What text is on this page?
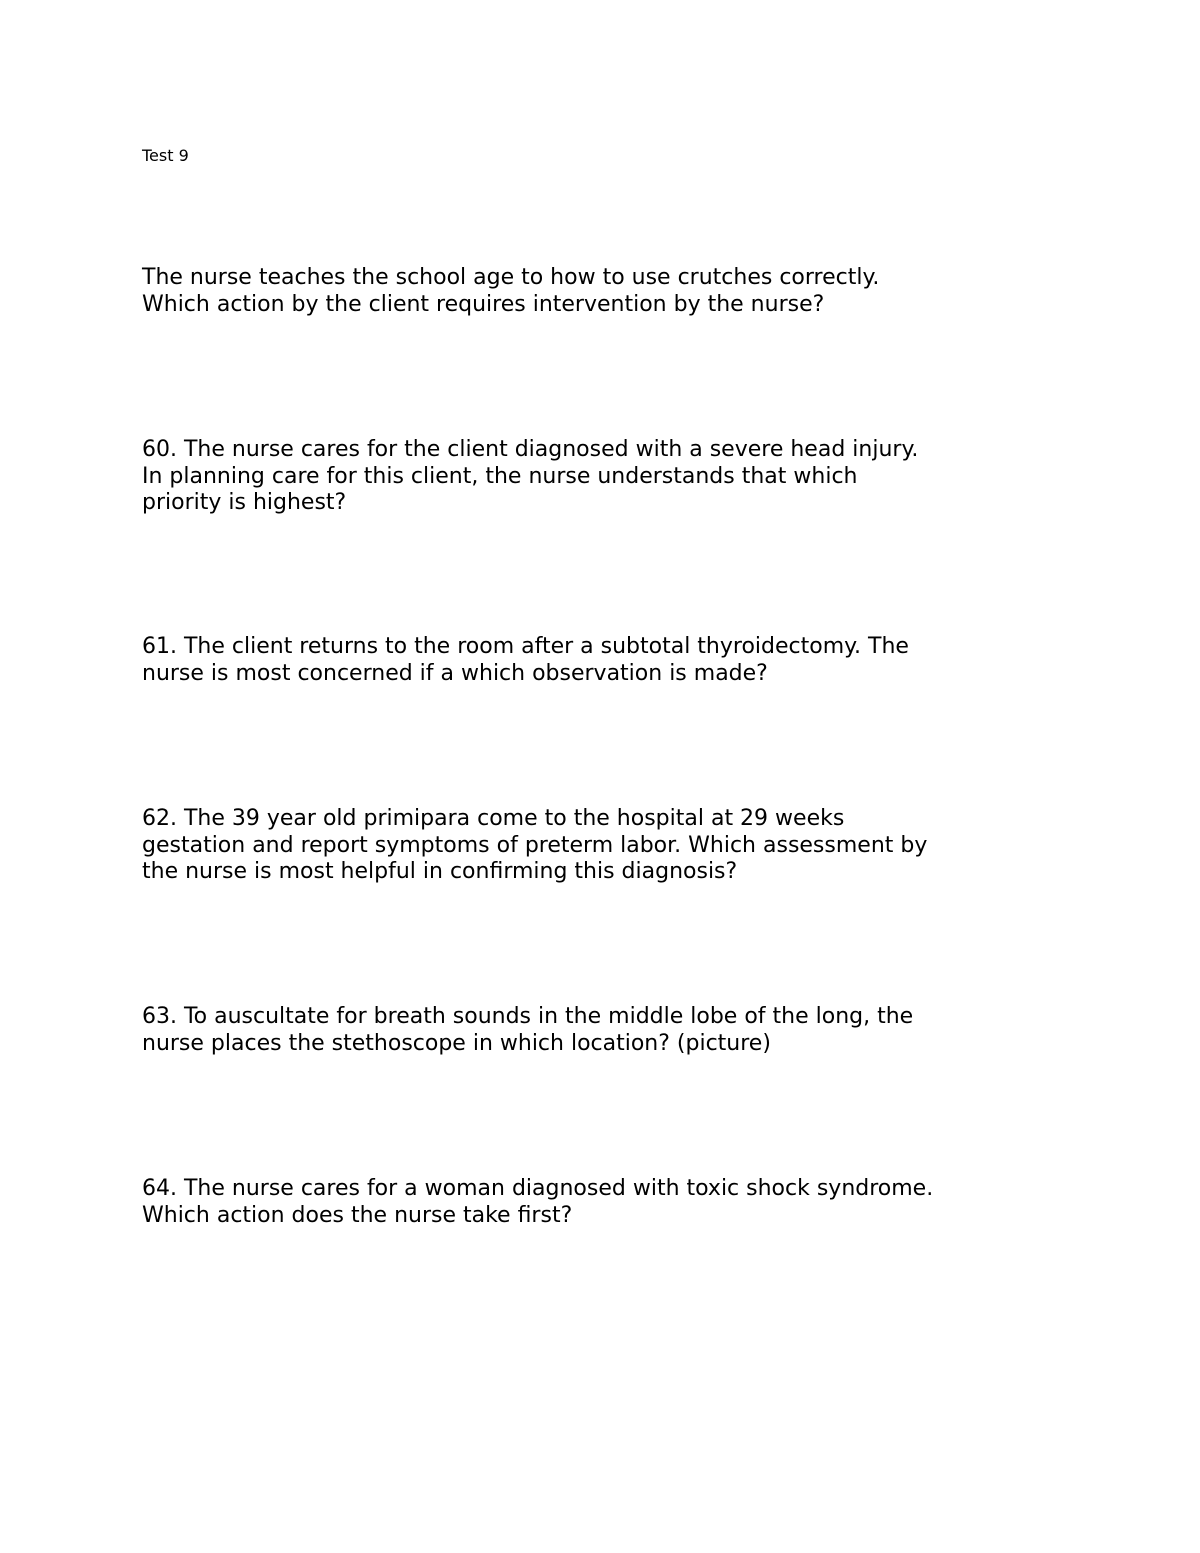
Test 9
The nurse teaches the school age to how to use crutches correctly.
Which action by the client requires intervention by the nurse?
60. The nurse cares for the client diagnosed with a severe head injury.
In planning care for this client, the nurse understands that which
priority is highest?
61. The client returns to the room after a subtotal thyroidectomy. The
nurse is most concerned if a which observation is made?
62. The 39 year old primipara come to the hospital at 29 weeks
gestation and report symptoms of preterm labor. Which assessment by
the nurse is most helpful in confirming this diagnosis?
63. To auscultate for breath sounds in the middle lobe of the long, the
nurse places the stethoscope in which location? (picture)
64. The nurse cares for a woman diagnosed with toxic shock syndrome.
Which action does the nurse take first?
